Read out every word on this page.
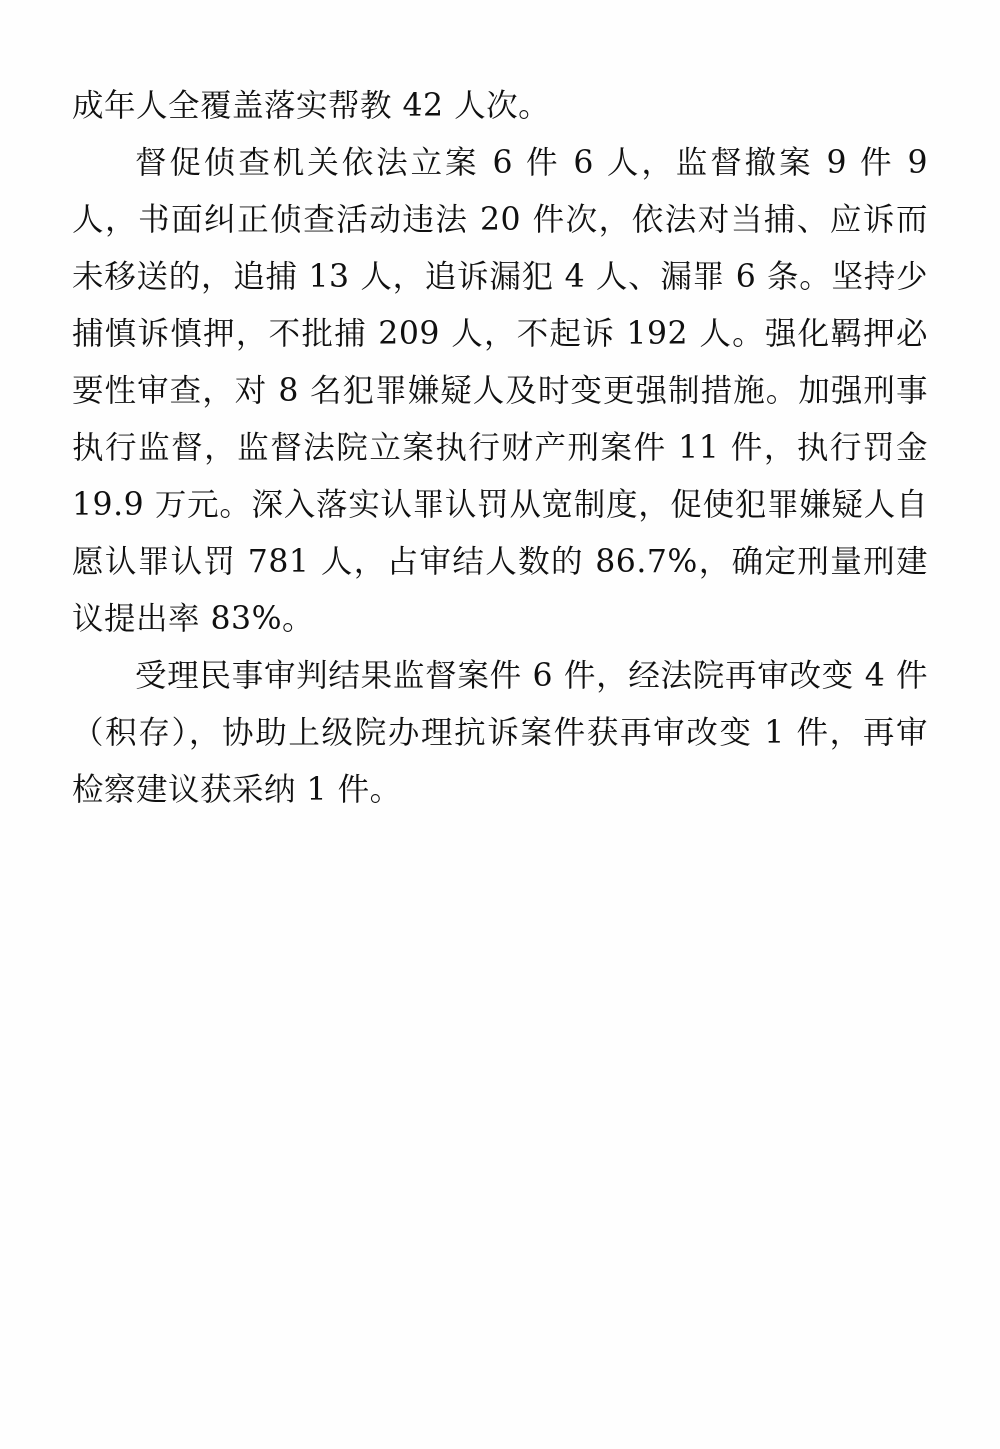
成年人全覆盖落实帮教 42 人次。

督促侦查机关依法立案 6 件 6 人，监督撤案 9 件 9 人，书面纠正侦查活动违法 20 件次，依法对当捕、应诉而未移送的，追捕 13 人，追诉漏犯 4 人、漏罪 6 条。坚持少捕慎诉慎押，不批捕 209 人，不起诉 192 人。强化羁押必要性审查，对 8 名犯罪嫌疑人及时变更强制措施。加强刑事执行监督，监督法院立案执行财产刑案件 11 件，执行罚金 19.9 万元。深入落实认罪认罚从宽制度，促使犯罪嫌疑人自愿认罪认罚 781 人，占审结人数的 86.7%，确定刑量刑建议提出率 83%。

受理民事审判结果监督案件 6 件，经法院再审改变 4 件（积存），协助上级院办理抗诉案件获再审改变 1 件，再审检察建议获采纳 1 件。
